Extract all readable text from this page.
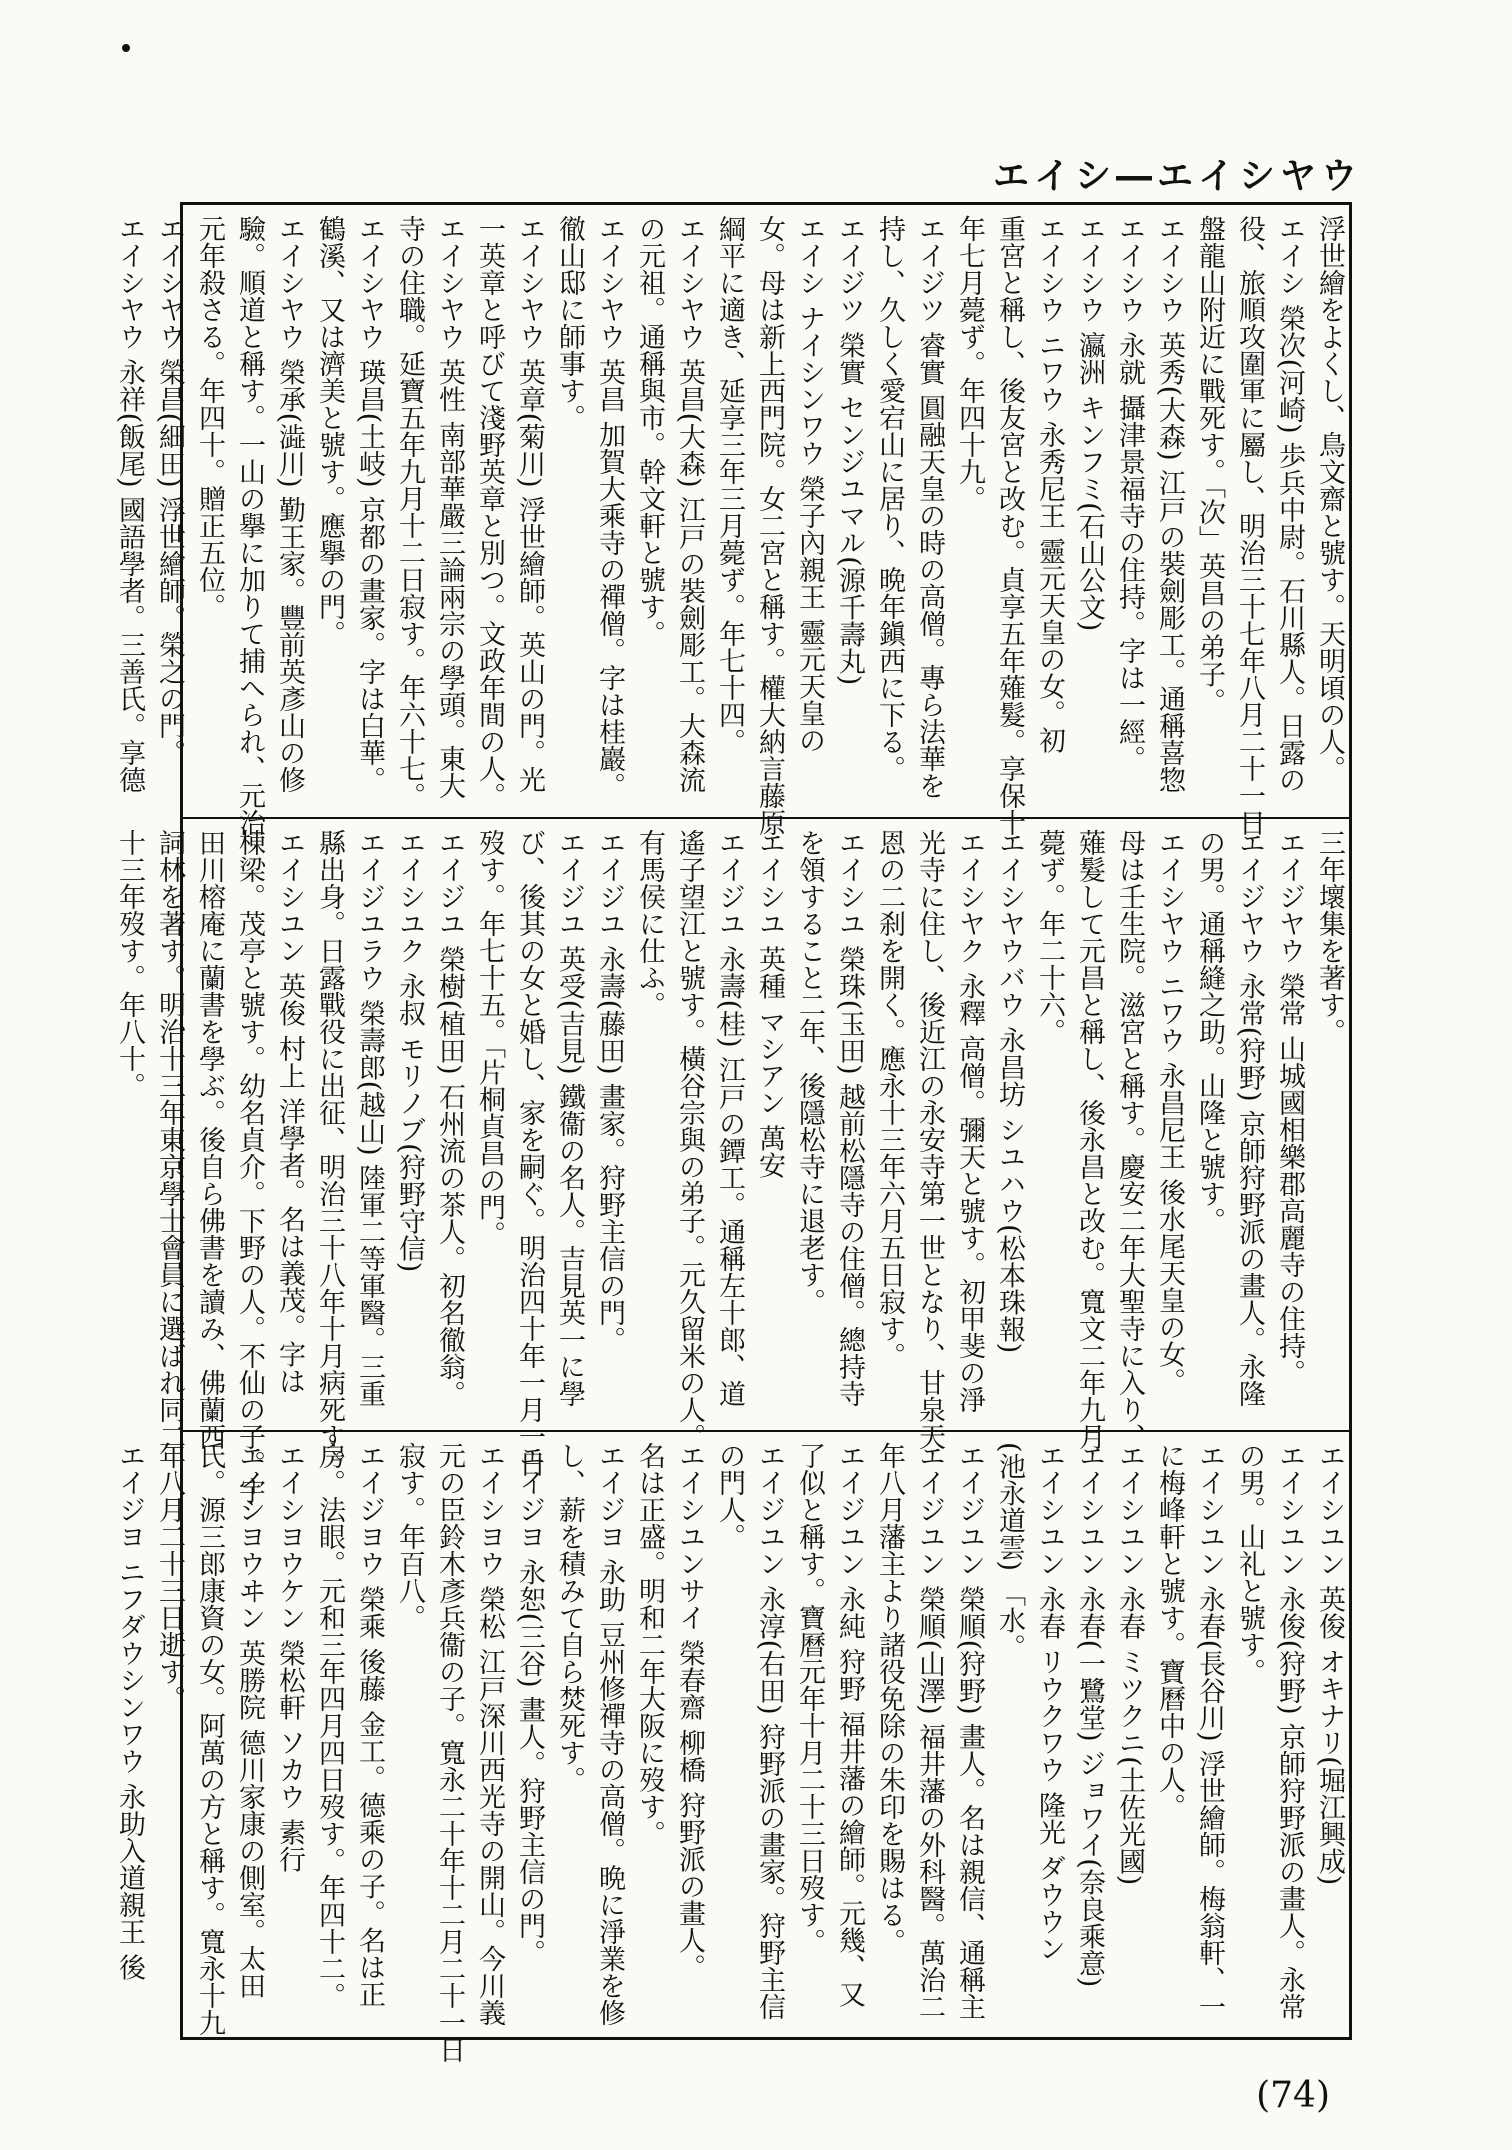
エイシ―エイシヤウ
浮世繪をよくし、鳥文齋と號す。天明頃の人。
エイシ 榮次(河崎) 歩兵中尉。石川縣人。日露の
役、旅順攻圍軍に屬し、明治三十七年八月二十一日
盤龍山附近に戰死す。「次」英昌の弟子。
エイシウ 英秀(大森) 江戸の裝劍彫工。通稱喜惣
エイシウ 永就 攝津景福寺の住持。字は一經。
エイシウ 瀛洲 キンフミ(石山公文)
エイシウ ニワウ 永秀尼王 靈元天皇の女。初
重宮と稱し、後友宮と改む。貞享五年薙髮。享保十
年七月薨ず。年四十九。
エイジツ 睿實 圓融天皇の時の高僧。專ら法華を
持し、久しく愛宕山に居り、晩年鎭西に下る。
エイジツ 榮實 センジユマル(源千壽丸)
エイシ ナイシンワウ 榮子內親王 靈元天皇の
女。母は新上西門院。女二宮と稱す。權大納言藤原
綱平に適き、延享三年三月薨ず。年七十四。
エイシヤウ 英昌(大森) 江戸の裝劍彫工。大森流
の元祖。通稱與市。幹文軒と號す。
エイシヤウ 英昌 加賀大乘寺の禪僧。字は桂巖。
徹山邸に師事す。
エイシヤウ 英章(菊川) 浮世繪師。英山の門。光
一英章と呼びて淺野英章と別つ。文政年間の人。
エイシヤウ 英性 南部華嚴三論兩宗の學頭。東大
寺の住職。延寶五年九月十二日寂す。年六十七。
エイシヤウ 瑛昌(土岐) 京都の畫家。字は白華。
鶴溪、又は濟美と號す。應擧の門。
エイシヤウ 榮承(澁川) 勤王家。豐前英彥山の修
驗。順道と稱す。一山の擧に加りて捕へられ、元治
元年殺さる。年四十。贈正五位。
エイシヤウ 榮昌(細田) 浮世繪師。榮之の門。
エイシヤウ 永祥(飯尾) 國語學者。三善氏。享德
三年壞集を著す。
エイジヤウ 榮常 山城國相樂郡高麗寺の住持。
エイジヤウ 永常(狩野) 京師狩野派の畫人。永隆
の男。通稱縫之助。山隆と號す。
エイシヤウ ニワウ 永昌尼王 後水尾天皇の女。
母は壬生院。滋宮と稱す。慶安二年大聖寺に入り、
薙髮して元昌と稱し、後永昌と改む。寬文二年九月
薨ず。年二十六。
エイシヤウバウ 永昌坊 シユハウ(松本珠報)
エイシヤク 永釋 高僧。彌天と號す。初甲斐の淨
光寺に住し、後近江の永安寺第一世となり、甘泉天
恩の二刹を開く。應永十三年六月五日寂す。
エイシユ 榮珠(玉田) 越前松隱寺の住僧。總持寺
を領すること二年、後隱松寺に退老す。
エイシユ 英種 マシアン 萬安
エイジユ 永壽(桂) 江戸の鐔工。通稱左十郎、道
遙子望江と號す。橫谷宗與の弟子。元久留米の人。
有馬侯に仕ふ。
エイジユ 永壽(藤田) 畫家。狩野主信の門。
エイジユ 英受(吉見) 鐵衞の名人。吉見英一に學
び、後其の女と婚し、家を嗣ぐ。明治四十年一月一日
歿す。年七十五。「片桐貞昌の門。
エイジユ 榮樹(植田) 石州流の茶人。初名徹翁。
エイシユク 永叔 モリノブ(狩野守信)
エイジユラウ 榮壽郎(越山) 陸軍二等軍醫。三重
縣出身。日露戰役に出征、明治三十八年十月病死す。
エイシユン 英俊 村上 洋學者。名は義茂。字は
棟梁。茂亭と號す。幼名貞介。下野の人。不仙の子。宇
田川榕庵に蘭書を學ぶ。後自ら佛書を讀み、佛蘭西
詞林を著す。明治十三年東京學士會員に選ばれ同二
十三年歿す。年八十。
エイシユン 英俊 オキナリ(堀江興成)
エイシユン 永俊(狩野) 京師狩野派の畫人。永常
の男。山礼と號す。
エイシユン 永春(長谷川) 浮世繪師。梅翁軒、一
に梅峰軒と號す。寶曆中の人。
エイシユン 永春 ミツクニ(土佐光國)
エイシユン 永春(一鷺堂) ジョワイ(奈良乘意)
エイシユン 永春 リウクワウ 隆光 ダウウン
(池永道雲) 「水。
エイジユン 榮順(狩野) 畫人。名は親信、通稱主
エイジユン 榮順(山澤) 福井藩の外科醫。萬治二
年八月藩主より諸役免除の朱印を賜はる。
エイジユン 永純 狩野 福井藩の繪師。元幾、又
了似と稱す。寶曆元年十月二十三日歿す。
エイジユン 永淳(右田) 狩野派の畫家。狩野主信
の門人。
エイシユンサイ 榮春齋 柳橋 狩野派の畫人。
名は正盛。明和二年大阪に歿す。
エイジヨ 永助 豆州修禪寺の高僧。晩に淨業を修
し、薪を積みて自ら焚死す。
エイジヨ 永恕(三谷) 畫人。狩野主信の門。
エイシヨウ 榮松 江戸深川西光寺の開山。今川義
元の臣鈴木彥兵衞の子。寬永二十年十二月二十一日
寂す。年百八。
エイジヨウ 榮乘 後藤 金工。德乘の子。名は正
房。法眼。元和三年四月四日歿す。年四十二。
エイシヨウケン 榮松軒 ソカウ 素行
エイシヨウヰン 英勝院 德川家康の側室。太田
氏。源三郎康資の女。阿萬の方と稱す。寬永十九
年八月二十三日逝す。
エイジヨ ニフダウシンワウ 永助入道親王 後
(74)
